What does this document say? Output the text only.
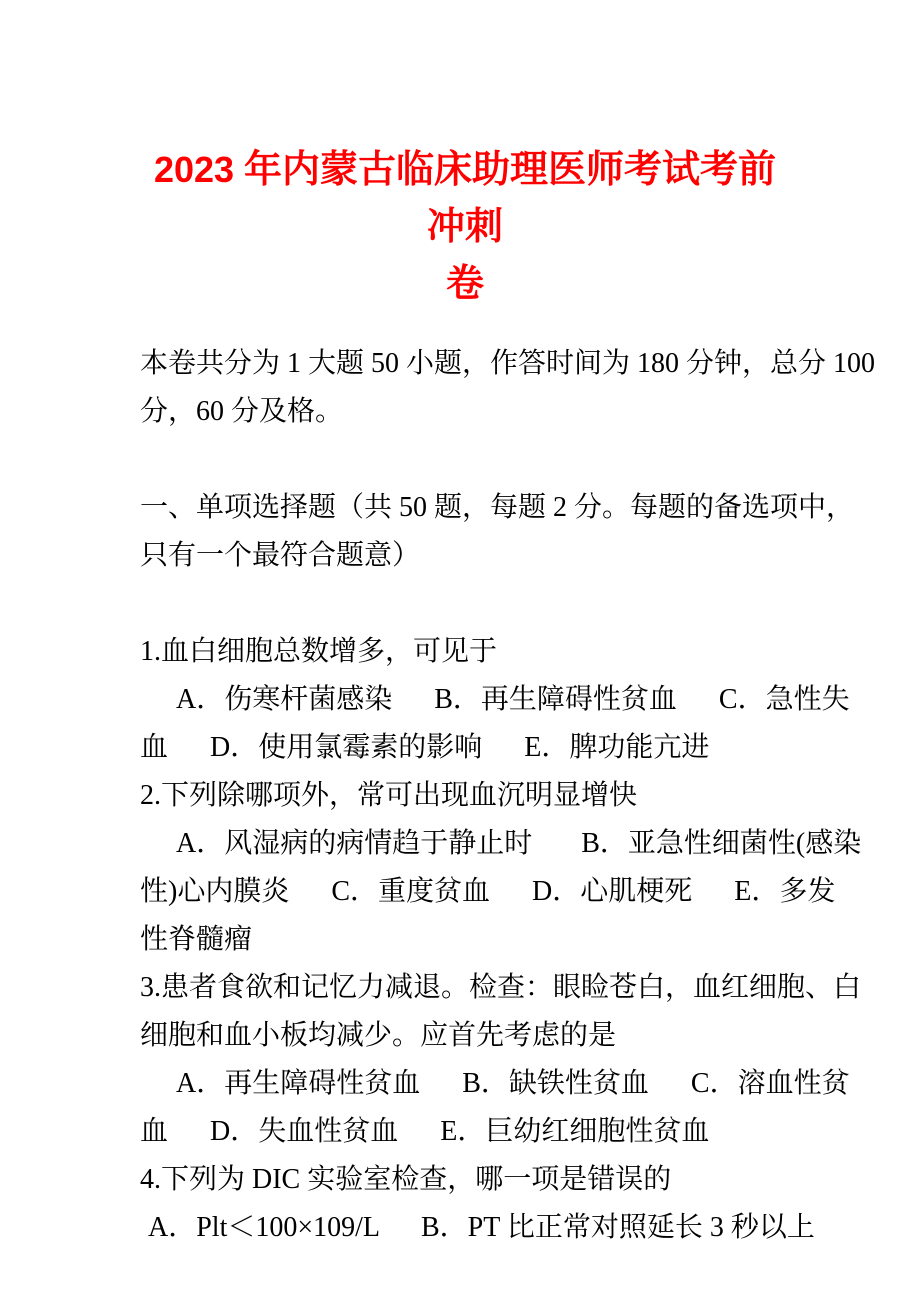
2023 年内蒙古临床助理医师考试考前冲刺
卷
本卷共分为 1 大题 50 小题，作答时间为 180 分钟，总分 100
分，60 分及格。
一、单项选择题（共 50 题，每题 2 分。每题的备选项中，
只有一个最符合题意）
1.血白细胞总数增多，可见于
A．伤寒杆菌感染      B．再生障碍性贫血      C．急性失
血      D．使用氯霉素的影响      E．脾功能亢进
2.下列除哪项外，常可出现血沉明显增快
A．风湿病的病情趋于静止时       B．亚急性细菌性(感染
性)心内膜炎      C．重度贫血      D．心肌梗死      E．多发
性脊髓瘤
3.患者食欲和记忆力减退。检查：眼睑苍白，血红细胞、白
细胞和血小板均减少。应首先考虑的是
A．再生障碍性贫血      B．缺铁性贫血      C．溶血性贫
血      D．失血性贫血      E．巨幼红细胞性贫血
4.下列为 DIC 实验室检查，哪一项是错误的
A．Plt＜100×109/L      B．PT 比正常对照延长 3 秒以上
